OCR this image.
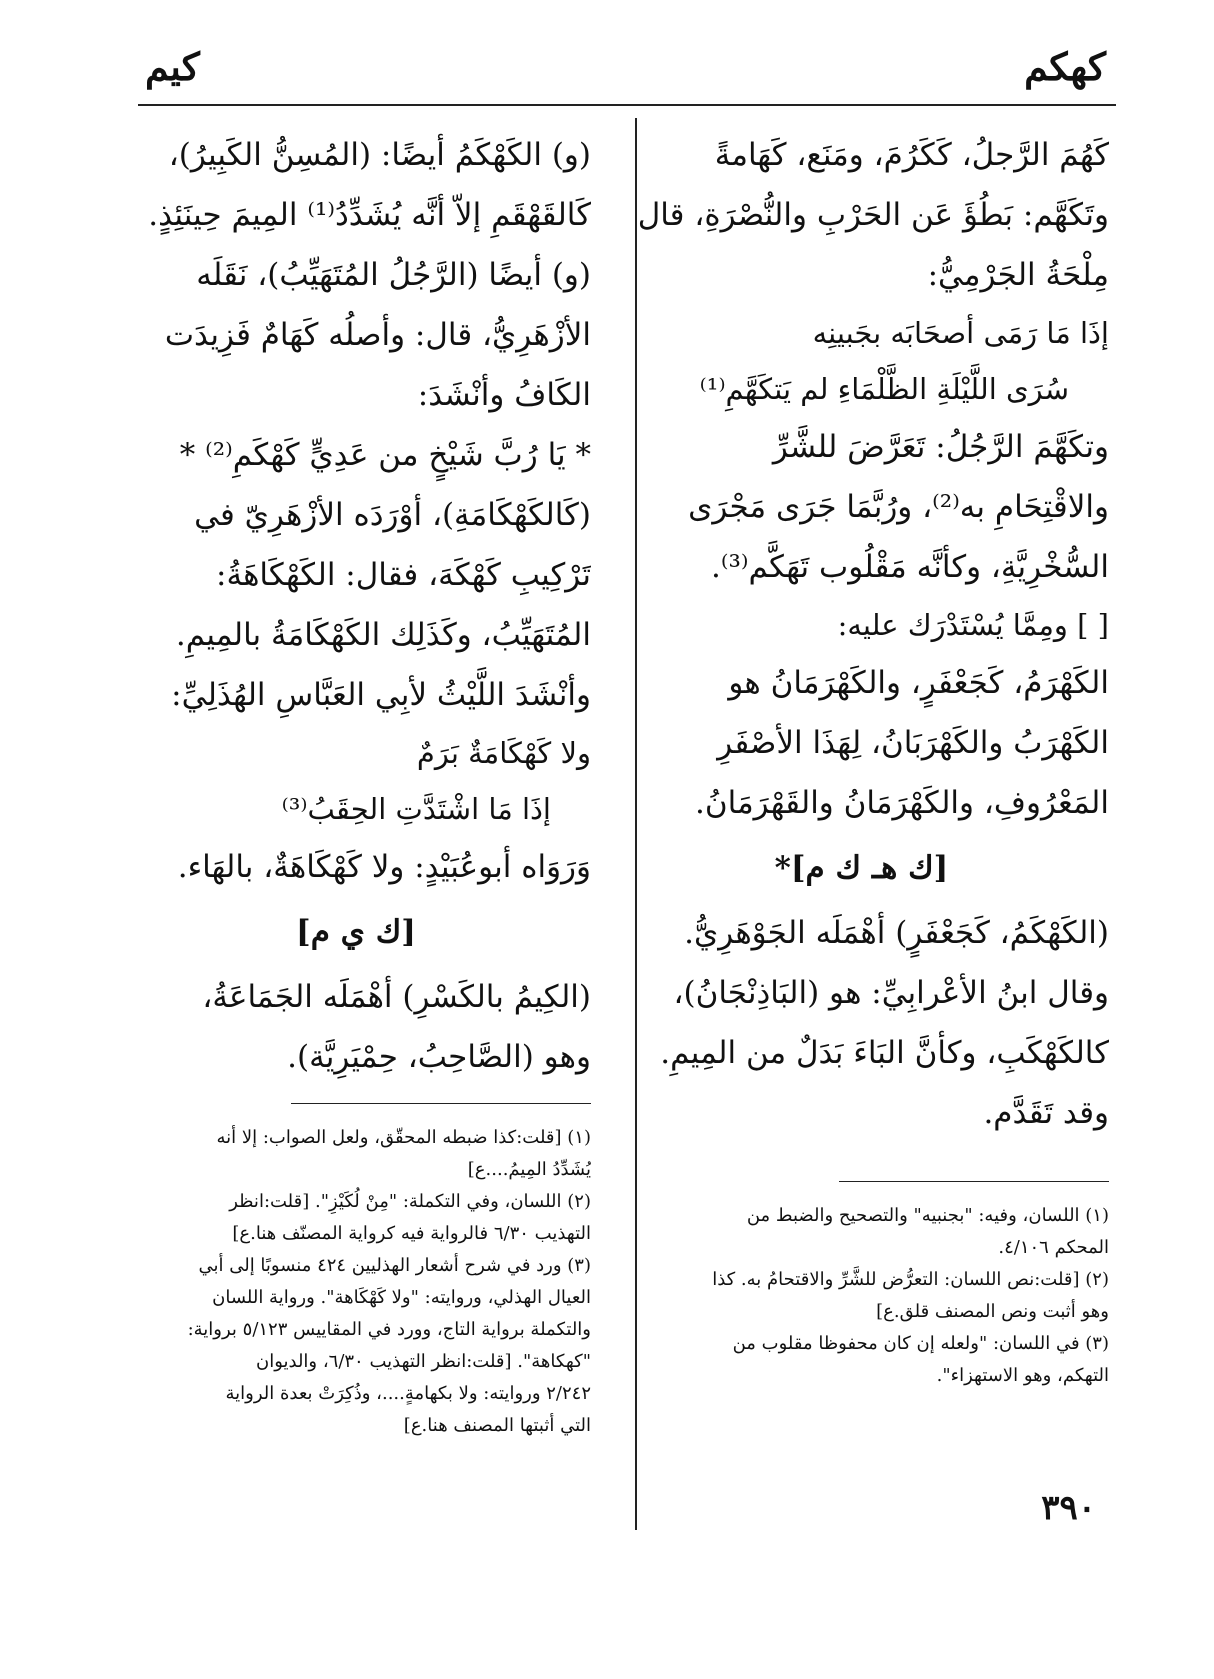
كهكم
كيم
كَهُمَ الرَّجلُ، كَكَرُمَ، ومَنَع، كَهَامةً
وتَكَهَّم: بَطُؤَ عَن الحَرْبِ والنُّصْرَةِ، قال
مِلْحَةُ الجَرْمِيُّ:
إذَا مَا رَمَى أصحَابَه بجَبينِه
سُرَى اللَّيْلَةِ الظَّلْمَاءِ لم يَتكَهَّمِ⁽¹⁾
وتكَهَّمَ الرَّجُلُ: تَعَرَّضَ للشَّرِّ
والاقْتِحَامِ به⁽²⁾، ورُبَّمَا جَرَى مَجْرَى
السُّخْرِيَّةِ، وكأنَّه مَقْلُوب تَهَكَّم⁽³⁾.
[ ] ومِمَّا يُسْتَدْرَك عليه:
الكَهْرَمُ، كَجَعْفَرٍ، والكَهْرَمَانُ هو
الكَهْرَبُ والكَهْرَبَانُ، لِهَذَا الأصْفَرِ
المَعْرُوفِ، والكَهْرَمَانُ والقَهْرَمَانُ.
[ك هـ ك م]*
(الكَهْكَمُ، كَجَعْفَرٍ) أهْمَلَه الجَوْهَرِيُّ.
وقال ابنُ الأعْرابِيِّ: هو (البَاذِنْجَانُ)،
كالكَهْكَبِ، وكأنَّ البَاءَ بَدَلٌ من المِيمِ.
وقد تَقَدَّم.
(١) اللسان، وفيه: "بجنبيه" والتصحيح والضبط من
المحكم ٤/١٠٦.
(٢) [قلت:نص اللسان: التعرُّض للشَّرِّ والاقتحامُ به. كذا
وهو أثبت ونص المصنف قلق.ع]
(٣) في اللسان: "ولعله إن كان محفوظا مقلوب من
التهكم، وهو الاستهزاء".
(و) الكَهْكَمُ أيضًا: (المُسِنُّ الكَبِيرُ)،
كَالقَهْقَمِ إلاّ أنَّه يُشَدِّدُ⁽¹⁾ المِيمَ حِينَئِذٍ.
(و) أيضًا (الرَّجُلُ المُتَهَيِّبُ)، نَقَلَه
الأزْهَرِيُّ، قال: وأصلُه كَهَامٌ فَزِيدَت
الكَافُ وأنْشَدَ:
* يَا رُبَّ شَيْخٍ من عَدِيٍّ كَهْكَمِ⁽²⁾ *
(كَالكَهْكَامَةِ)، أوْرَدَه الأزْهَرِيّ في
تَرْكِيبِ كَهْكَهَ، فقال: الكَهْكَاهَةُ:
المُتَهَيِّبُ، وكَذَلِك الكَهْكَامَةُ بالمِيمِ.
وأنْشَدَ اللَّيْثُ لأبِي العَبَّاسِ الهُذَلِيِّ:
ولا كَهْكَامَةٌ بَرَمٌ
إذَا مَا اشْتَدَّتِ الحِقَبُ⁽³⁾
وَرَوَاه أبوعُبَيْدٍ: ولا كَهْكَاهَةٌ، بالهَاء.
[ك ي م]
(الكِيمُ بالكَسْرِ) أهْمَلَه الجَمَاعَةُ،
وهو (الصَّاحِبُ، حِمْيَرِيَّة).
(١) [قلت:كذا ضبطه المحقّق، ولعل الصواب: إلا أنه
يُشَدِّدُ المِيمُ....ع]
(٢) اللسان، وفي التكملة: "مِنْ لُكَيْزِ". [قلت:انظر
التهذيب ٦/٣٠ فالرواية فيه كرواية المصنّف هنا.ع]
(٣) ورد في شرح أشعار الهذليين ٤٢٤ منسوبًا إلى أبي
العيال الهذلي، وروايته: "ولا كَهْكَاهة". ورواية اللسان
والتكملة برواية التاج، وورد في المقاييس ٥/١٢٣ برواية:
"كهكاهة". [قلت:انظر التهذيب ٦/٣٠، والديوان
٢/٢٤٢ وروايته: ولا بكهامةٍ....، وذُكِرَتْ بعدة الرواية
التي أثبتها المصنف هنا.ع]
٣٩٠
